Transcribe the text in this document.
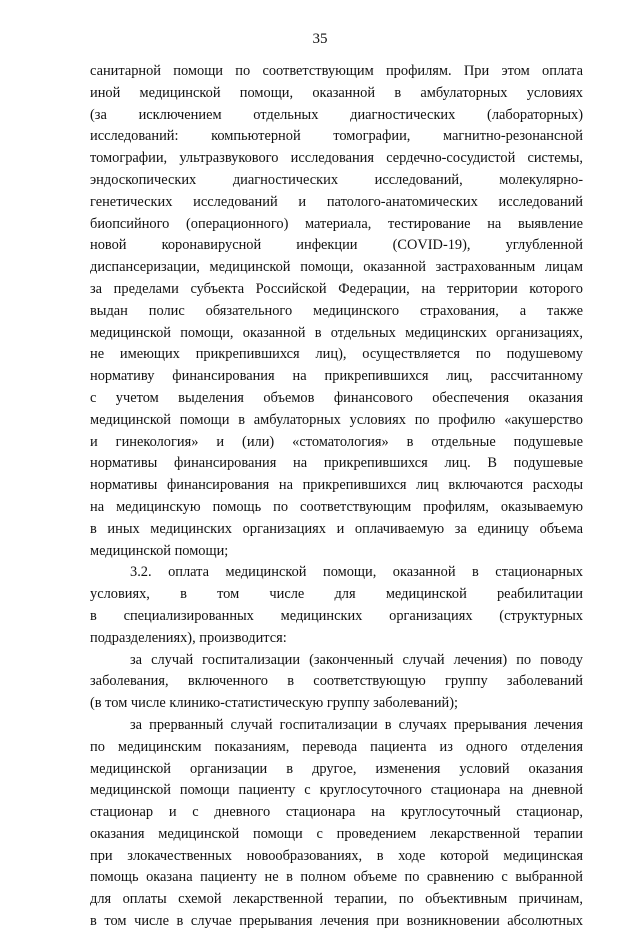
35
санитарной помощи по соответствующим профилям. При этом оплата
иной медицинской помощи, оказанной в амбулаторных условиях
(за исключением отдельных диагностических (лабораторных)
исследований: компьютерной томографии, магнитно-резонансной
томографии, ультразвукового исследования сердечно-сосудистой системы,
эндоскопических диагностических исследований, молекулярно-
генетических исследований и патолого-анатомических исследований
биопсийного (операционного) материала, тестирование на выявление
новой коронавирусной инфекции (COVID-19), углубленной
диспансеризации, медицинской помощи, оказанной застрахованным лицам
за пределами субъекта Российской Федерации, на территории которого
выдан полис обязательного медицинского страхования, а также
медицинской помощи, оказанной в отдельных медицинских организациях,
не имеющих прикрепившихся лиц), осуществляется по подушевому
нормативу финансирования на прикрепившихся лиц, рассчитанному
с учетом выделения объемов финансового обеспечения оказания
медицинской помощи в амбулаторных условиях по профилю «акушерство
и гинекология» и (или) «стоматология» в отдельные подушевые
нормативы финансирования на прикрепившихся лиц. В подушевые
нормативы финансирования на прикрепившихся лиц включаются расходы
на медицинскую помощь по соответствующим профилям, оказываемую
в иных медицинских организациях и оплачиваемую за единицу объема
медицинской помощи;
3.2. оплата медицинской помощи, оказанной в стационарных
условиях, в том числе для медицинской реабилитации
в специализированных медицинских организациях (структурных
подразделениях), производится:
за случай госпитализации (законченный случай лечения) по поводу
заболевания, включенного в соответствующую группу заболеваний
(в том числе клинико-статистическую группу заболеваний);
за прерванный случай госпитализации в случаях прерывания лечения
по медицинским показаниям, перевода пациента из одного отделения
медицинской организации в другое, изменения условий оказания
медицинской помощи пациенту с круглосуточного стационара на дневной
стационар и с дневного стационара на круглосуточный стационар,
оказания медицинской помощи с проведением лекарственной терапии
при злокачественных новообразованиях, в ходе которой медицинская
помощь оказана пациенту не в полном объеме по сравнению с выбранной
для оплаты схемой лекарственной терапии, по объективным причинам,
в том числе в случае прерывания лечения при возникновении абсолютных
